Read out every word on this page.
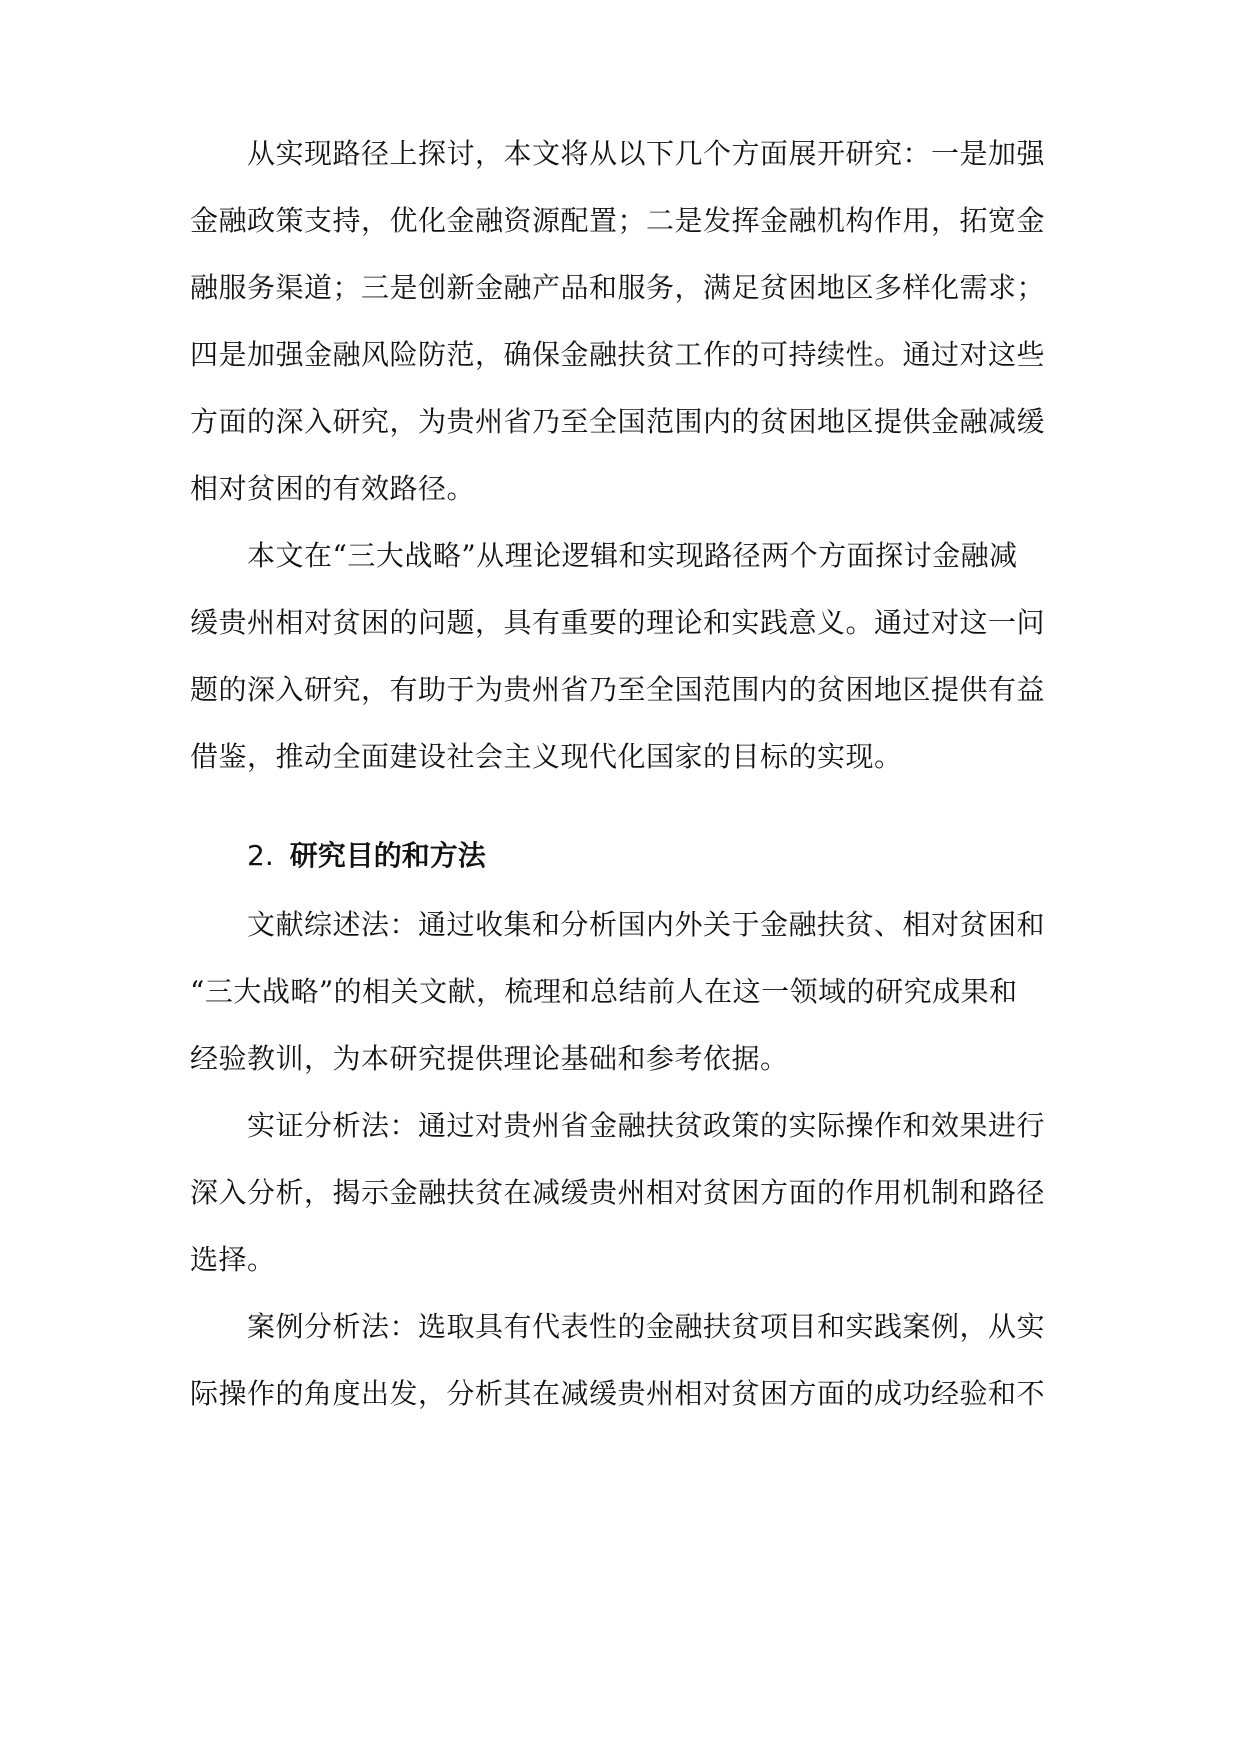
从实现路径上探讨，本文将从以下几个方面展开研究：一是加强
金融政策支持，优化金融资源配置；二是发挥金融机构作用，拓宽金
融服务渠道；三是创新金融产品和服务，满足贫困地区多样化需求；
四是加强金融风险防范，确保金融扶贫工作的可持续性。通过对这些
方面的深入研究，为贵州省乃至全国范围内的贫困地区提供金融减缓
相对贫困的有效路径。
本文在“三大战略”从理论逻辑和实现路径两个方面探讨金融减
缓贵州相对贫困的问题，具有重要的理论和实践意义。通过对这一问
题的深入研究，有助于为贵州省乃至全国范围内的贫困地区提供有益
借鉴，推动全面建设社会主义现代化国家的目标的实现。
2. 研究目的和方法
文献综述法：通过收集和分析国内外关于金融扶贫、相对贫困和
“三大战略”的相关文献，梳理和总结前人在这一领域的研究成果和
经验教训，为本研究提供理论基础和参考依据。
实证分析法：通过对贵州省金融扶贫政策的实际操作和效果进行
深入分析，揭示金融扶贫在减缓贵州相对贫困方面的作用机制和路径
选择。
案例分析法：选取具有代表性的金融扶贫项目和实践案例，从实
际操作的角度出发，分析其在减缓贵州相对贫困方面的成功经验和不
